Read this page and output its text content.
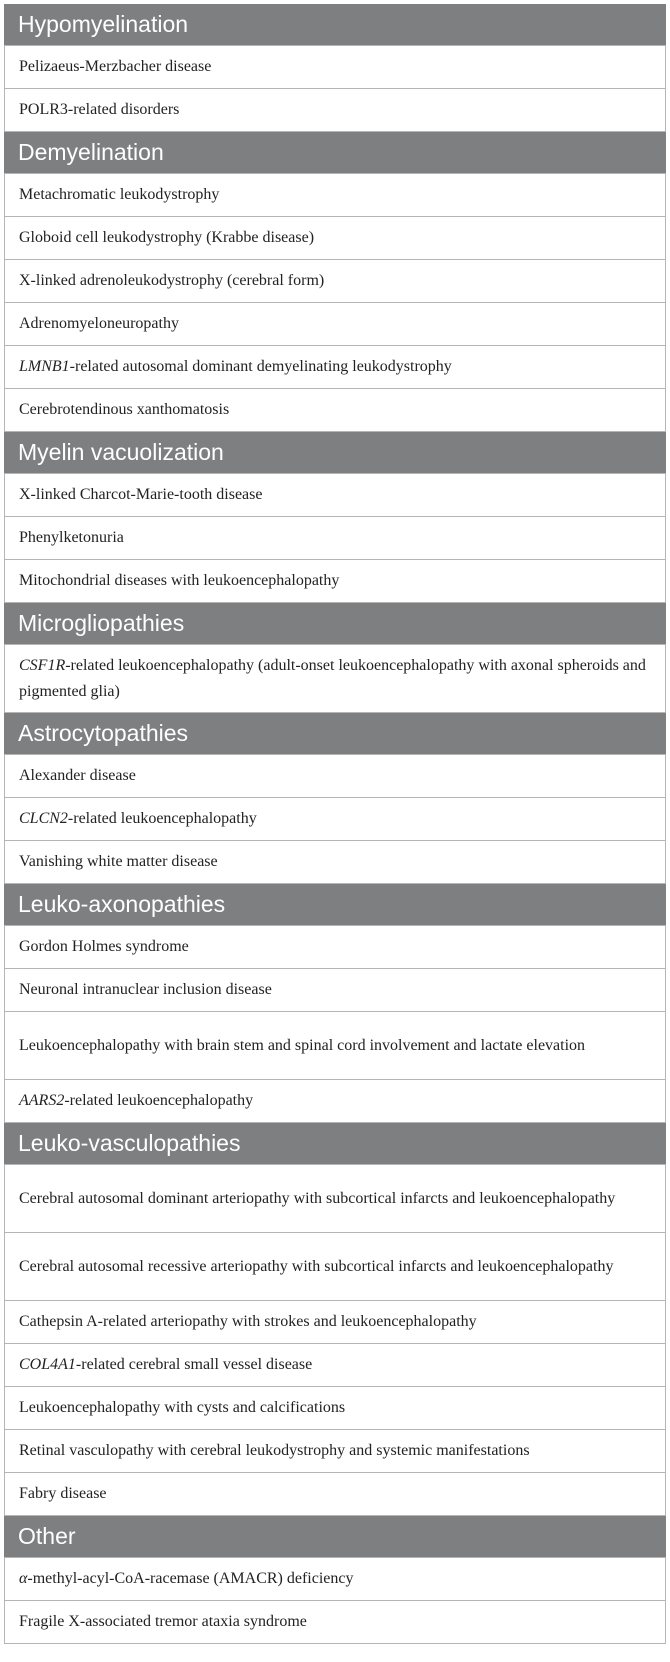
Hypomyelination
Pelizaeus-Merzbacher disease
POLR3-related disorders
Demyelination
Metachromatic leukodystrophy
Globoid cell leukodystrophy (Krabbe disease)
X-linked adrenoleukodystrophy (cerebral form)
Adrenomyeloneuropathy
LMNB1-related autosomal dominant demyelinating leukodystrophy
Cerebrotendinous xanthomatosis
Myelin vacuolization
X-linked Charcot-Marie-tooth disease
Phenylketonuria
Mitochondrial diseases with leukoencephalopathy
Microgliopathies
CSF1R-related leukoencephalopathy (adult-onset leukoencephalopathy with axonal spheroids and pigmented glia)
Astrocytopathies
Alexander disease
CLCN2-related leukoencephalopathy
Vanishing white matter disease
Leuko-axonopathies
Gordon Holmes syndrome
Neuronal intranuclear inclusion disease
Leukoencephalopathy with brain stem and spinal cord involvement and lactate elevation
AARS2-related leukoencephalopathy
Leuko-vasculopathies
Cerebral autosomal dominant arteriopathy with subcortical infarcts and leukoencephalopathy
Cerebral autosomal recessive arteriopathy with subcortical infarcts and leukoencephalopathy
Cathepsin A-related arteriopathy with strokes and leukoencephalopathy
COL4A1-related cerebral small vessel disease
Leukoencephalopathy with cysts and calcifications
Retinal vasculopathy with cerebral leukodystrophy and systemic manifestations
Fabry disease
Other
α-methyl-acyl-CoA-racemase (AMACR) deficiency
Fragile X-associated tremor ataxia syndrome
